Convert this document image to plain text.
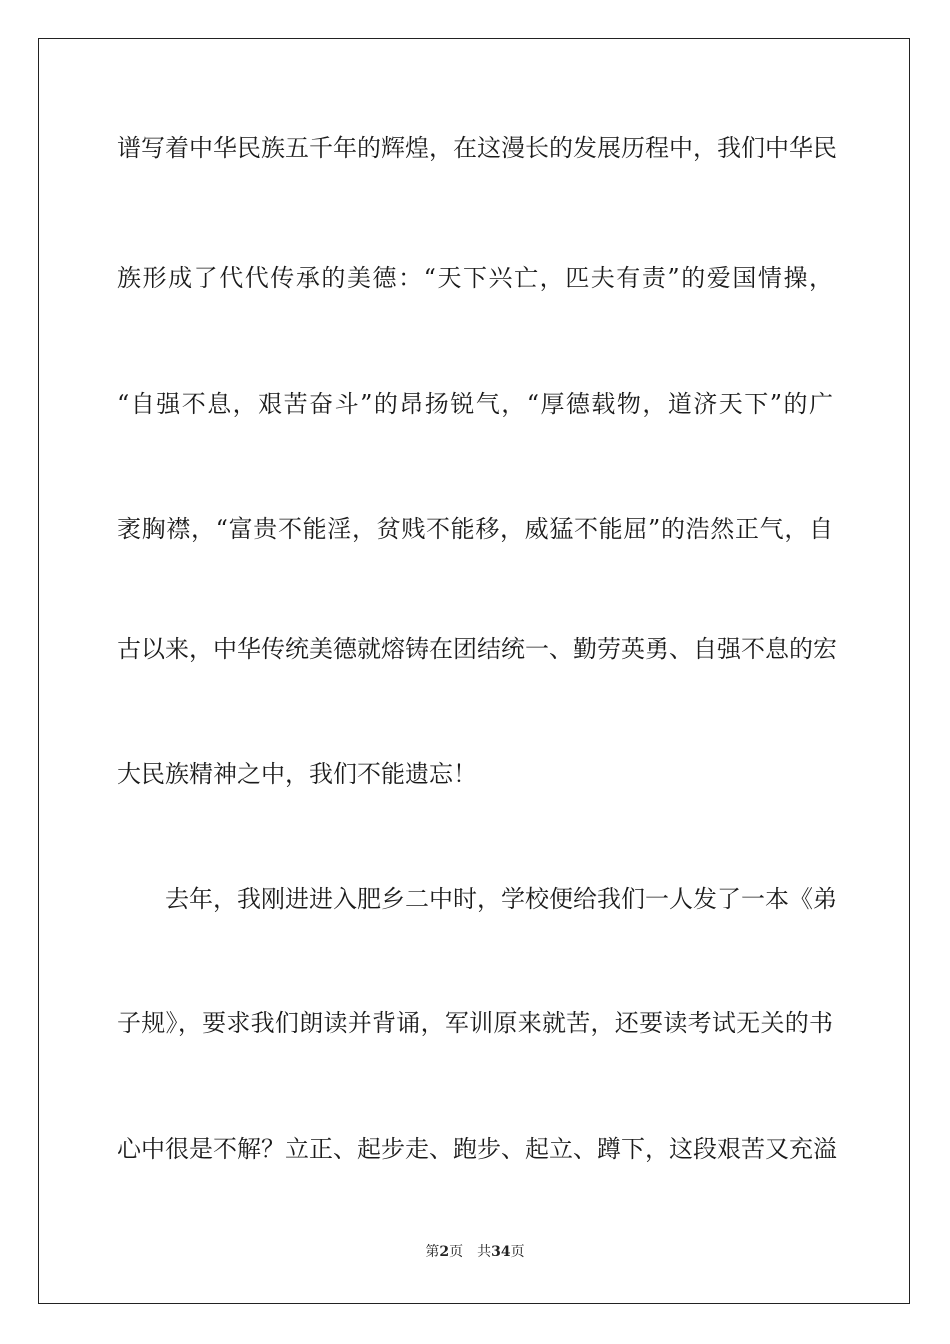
谱写着中华民族五千年的辉煌，在这漫长的发展历程中，我们中华民
族形成了代代传承的美德：“天下兴亡，匹夫有责”的爱国情操，
“自强不息，艰苦奋斗”的昂扬锐气，“厚德载物，道济天下”的广
袤胸襟，“富贵不能淫，贫贱不能移，威猛不能屈”的浩然正气，自
古以来，中华传统美德就熔铸在团结统一、勤劳英勇、自强不息的宏
大民族精神之中，我们不能遗忘！
去年，我刚进进入肥乡二中时，学校便给我们一人发了一本《弟
子规》，要求我们朗读并背诵，军训原来就苦，还要读考试无关的书
心中很是不解？立正、起步走、跑步、起立、蹲下，这段艰苦又充溢
第2页 共34页
